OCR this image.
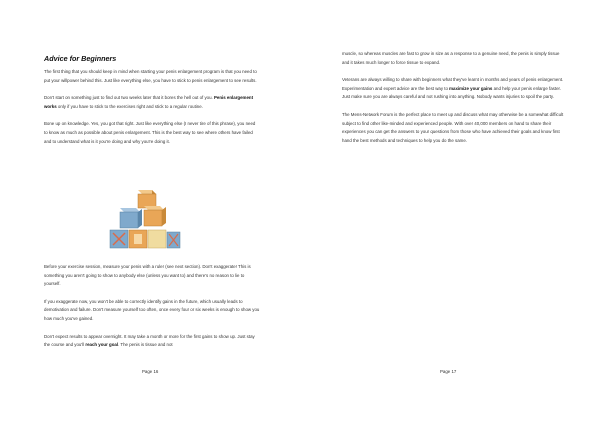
Advice for Beginners

The first thing that you should keep in mind when starting your penis enlargement program is that you need to put your willpower behind this. Just like everything else, you have to stick to penis enlargement to see results.

Don't start on something just to find out two weeks later that it bores the hell out of you. Penis enlargement works only if you have to stick to the exercises right and stick to a regular routine.

Bone up on knowledge. Yes, you got that right. Just like everything else (I never tire of this phrase), you need to know as much as possible about penis enlargement. This is the best way to see where others have failed and to understand what is it you're doing and why you're doing it.

Before your exercise session, measure your penis with a ruler (see next section). Don't exaggerate! This is something you aren't going to show to anybody else (unless you want to) and there's no reason to lie to yourself.

If you exaggerate now, you won't be able to correctly identify gains in the future, which usually leads to demotivation and failure. Don't measure yourself too often, once every four or six weeks is enough to show you how much you've gained.

Don't expect results to appear overnight. It may take a month or more for the first gains to show up. Just stay the course and you'll reach your goal. The penis is tissue and not

Page 16

muscle, so whereas muscles are fast to grow in size as a response to a genuine need, the penis is simply tissue and it takes much longer to force tissue to expand.

Veterans are always willing to share with beginners what they've learnt in months and years of penis enlargement. Experimentation and expert advice are the best way to maximize your gains and help your penis enlarge faster. Just make sure you are always careful and not rushing into anything. Nobody wants injuries to spoil the party.

The Mens-Network Forum is the perfect place to meet up and discuss what may otherwise be a somewhat difficult subject to find other like-minded and experienced people. With over 40,000 members on hand to share their experiences you can get the answers to your questions from those who have achieved their goals and know first hand the best methods and techniques to help you do the same.

Page 17
